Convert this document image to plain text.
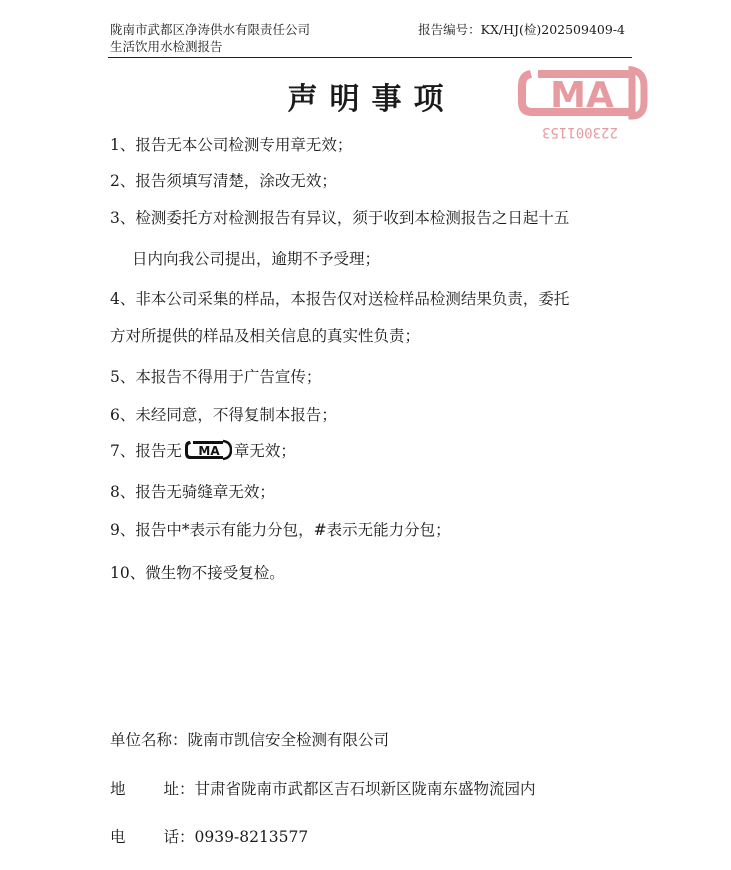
陇南市武都区净涛供水有限责任公司
生活饮用水检测报告
报告编号：KX/HJ(检)202509409-4
MA
223001153
声明事项
1、报告无本公司检测专用章无效；
2、报告须填写清楚，涂改无效；
3、检测委托方对检测报告有异议，须于收到本检测报告之日起十五
日内向我公司提出，逾期不予受理；
4、非本公司采集的样品，本报告仅对送检样品检测结果负责，委托
方对所提供的样品及相关信息的真实性负责；
5、本报告不得用于广告宣传；
6、未经同意，不得复制本报告；
7、报告无 MA 章无效；
8、报告无骑缝章无效；
9、报告中*表示有能力分包，#表示无能力分包；
10、微生物不接受复检。
单位名称：陇南市凯信安全检测有限公司
地 址：甘肃省陇南市武都区吉石坝新区陇南东盛物流园内
电 话：0939-8213577
